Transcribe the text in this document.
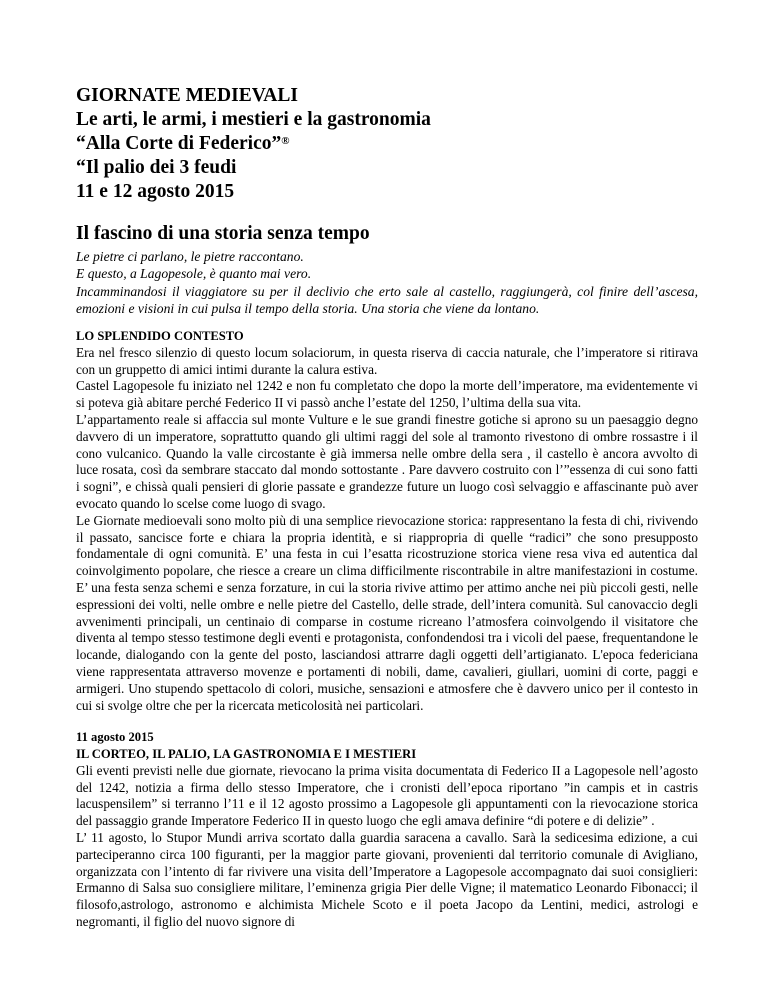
GIORNATE MEDIEVALI
Le arti, le armi, i mestieri e la gastronomia
“Alla Corte di Federico”®
“Il palio dei 3 feudi
11 e 12 agosto 2015
Il fascino di una storia senza tempo
Le pietre ci parlano, le pietre raccontano.
E questo, a Lagopesole, è quanto mai vero.
Incamminandosi il viaggiatore su per il declivio che erto sale al castello, raggiungerà, col finire dell’ascesa, emozioni e visioni in cui pulsa il tempo della storia. Una storia che viene da lontano.
LO SPLENDIDO CONTESTO

Era nel fresco silenzio di questo locum solaciorum, in questa riserva di caccia naturale, che l’imperatore si ritirava con un gruppetto di amici intimi durante la calura estiva.

Castel Lagopesole fu iniziato nel 1242 e non fu completato che dopo la morte dell’imperatore, ma evidentemente vi si poteva già abitare perché Federico II vi passò anche l’estate del 1250, l’ultima della sua vita.

L’appartamento reale si affaccia sul monte Vulture e le sue grandi finestre gotiche si aprono su un paesaggio degno davvero di un imperatore, soprattutto quando gli ultimi raggi del sole al tramonto rivestono di ombre rossastre i il cono vulcanico. Quando la valle circostante è già immersa nelle ombre della sera , il castello è ancora avvolto di luce rosata, così da sembrare staccato dal mondo sottostante . Pare davvero costruito con l’”essenza di cui sono fatti i sogni”, e chissà quali pensieri di glorie passate e grandezze future un luogo così selvaggio e affascinante può aver evocato quando lo scelse come luogo di svago.

Le Giornate medioevali sono molto più di una semplice rievocazione storica: rappresentano la festa di chi, rivivendo il passato, sancisce forte e chiara la propria identità, e si riappropria di quelle “radici” che sono presupposto fondamentale di ogni comunità. E’ una festa in cui l’esatta ricostruzione storica viene resa viva ed autentica dal coinvolgimento popolare, che riesce a creare un clima difficilmente riscontrabile in altre manifestazioni in costume. E’ una festa senza schemi e senza forzature, in cui la storia rivive attimo per attimo anche nei più piccoli gesti, nelle espressioni dei volti, nelle ombre e nelle pietre del Castello, delle strade, dell’intera comunità. Sul canovaccio degli avvenimenti principali, un centinaio di comparse in costume ricreano l’atmosfera coinvolgendo il visitatore che diventa al tempo stesso testimone degli eventi e protagonista, confondendosi tra i vicoli del paese, frequentandone le locande, dialogando con la gente del posto, lasciandosi attrarre dagli oggetti dell’artigianato. L'epoca federiciana viene rappresentata attraverso movenze e portamenti di nobili, dame, cavalieri, giullari, uomini di corte, paggi e armigeri. Uno stupendo spettacolo di colori, musiche, sensazioni e atmosfere che è davvero unico per il contesto in cui si svolge oltre che per la ricercata meticolosità nei particolari.

11 agosto 2015
IL CORTEO, IL PALIO, LA GASTRONOMIA E I MESTIERI

Gli eventi previsti nelle due giornate, rievocano la prima visita documentata di Federico II a Lagopesole nell’agosto del 1242, notizia a firma dello stesso Imperatore, che i cronisti dell’epoca riportano ”in campis et in castris lacuspensilem” si terranno l’11 e il 12 agosto prossimo a Lagopesole gli appuntamenti con la rievocazione storica del passaggio grande Imperatore Federico II in questo luogo che egli amava definire “di potere e di delizie” .

L’ 11 agosto, lo Stupor Mundi arriva scortato dalla guardia saracena a cavallo. Sarà la sedicesima edizione, a cui parteciperanno circa 100 figuranti, per la maggior parte giovani, provenienti dal territorio comunale di Avigliano, organizzata con l’intento di far rivivere una visita dell’Imperatore a Lagopesole accompagnato dai suoi consiglieri: Ermanno di Salsa suo consigliere militare, l’eminenza grigia Pier delle Vigne; il matematico Leonardo Fibonacci; il filosofo,astrologo, astronomo e alchimista Michele Scoto e il poeta Jacopo da Lentini, medici, astrologi e negromanti, il figlio del nuovo signore di
